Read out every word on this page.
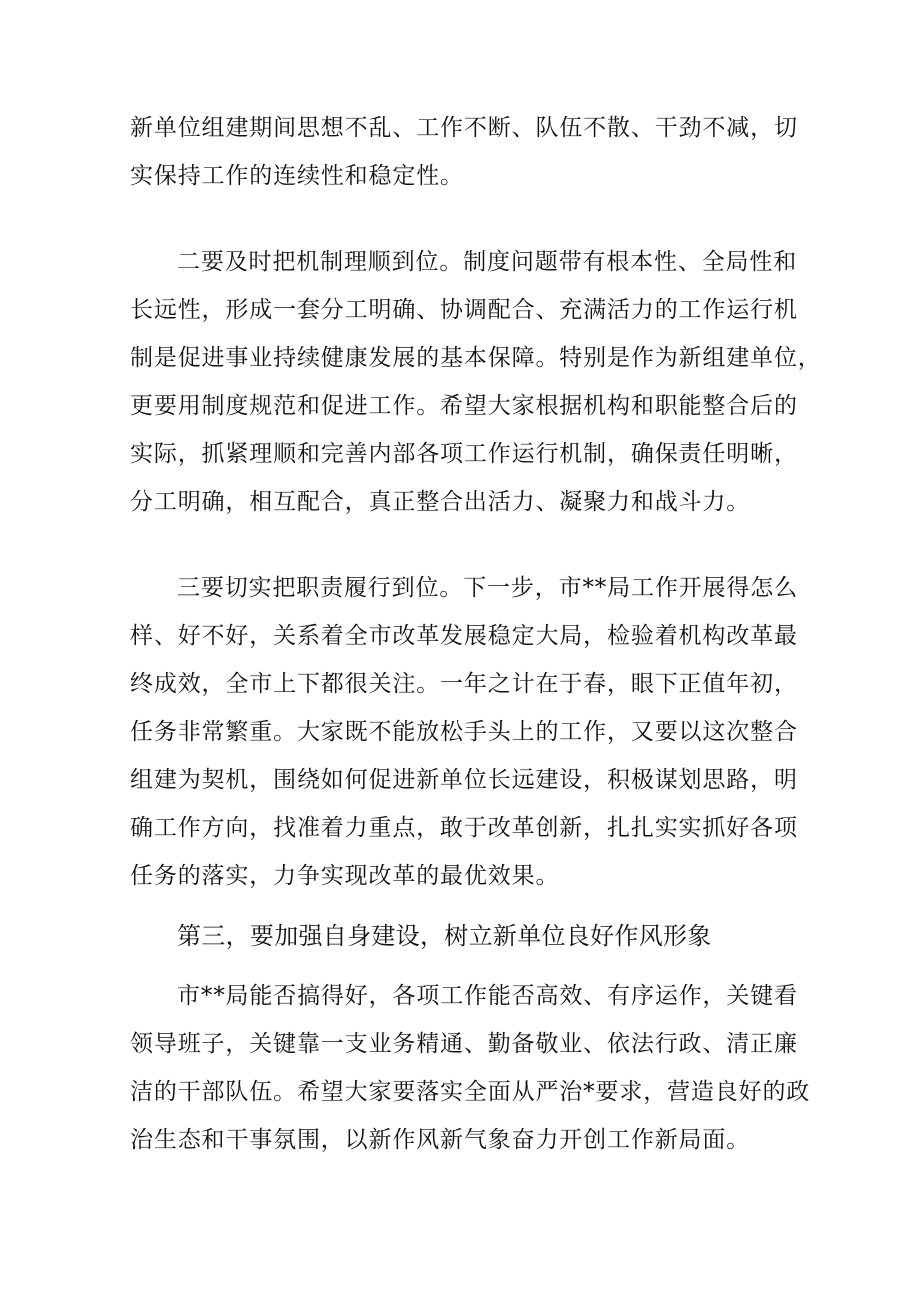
新单位组建期间思想不乱、工作不断、队伍不散、干劲不减，切
实保持工作的连续性和稳定性。
二要及时把机制理顺到位。制度问题带有根本性、全局性和
长远性，形成一套分工明确、协调配合、充满活力的工作运行机
制是促进事业持续健康发展的基本保障。特别是作为新组建单位，
更要用制度规范和促进工作。希望大家根据机构和职能整合后的
实际，抓紧理顺和完善内部各项工作运行机制，确保责任明晰，
分工明确，相互配合，真正整合出活力、凝聚力和战斗力。
三要切实把职责履行到位。下一步，市**局工作开展得怎么
样、好不好，关系着全市改革发展稳定大局，检验着机构改革最
终成效，全市上下都很关注。一年之计在于春，眼下正值年初，
任务非常繁重。大家既不能放松手头上的工作，又要以这次整合
组建为契机，围绕如何促进新单位长远建设，积极谋划思路，明
确工作方向，找准着力重点，敢于改革创新，扎扎实实抓好各项
任务的落实，力争实现改革的最优效果。
第三，要加强自身建设，树立新单位良好作风形象
市**局能否搞得好，各项工作能否高效、有序运作，关键看
领导班子，关键靠一支业务精通、勤备敬业、依法行政、清正廉
洁的干部队伍。希望大家要落实全面从严治*要求，营造良好的政
治生态和干事氛围，以新作风新气象奋力开创工作新局面。
